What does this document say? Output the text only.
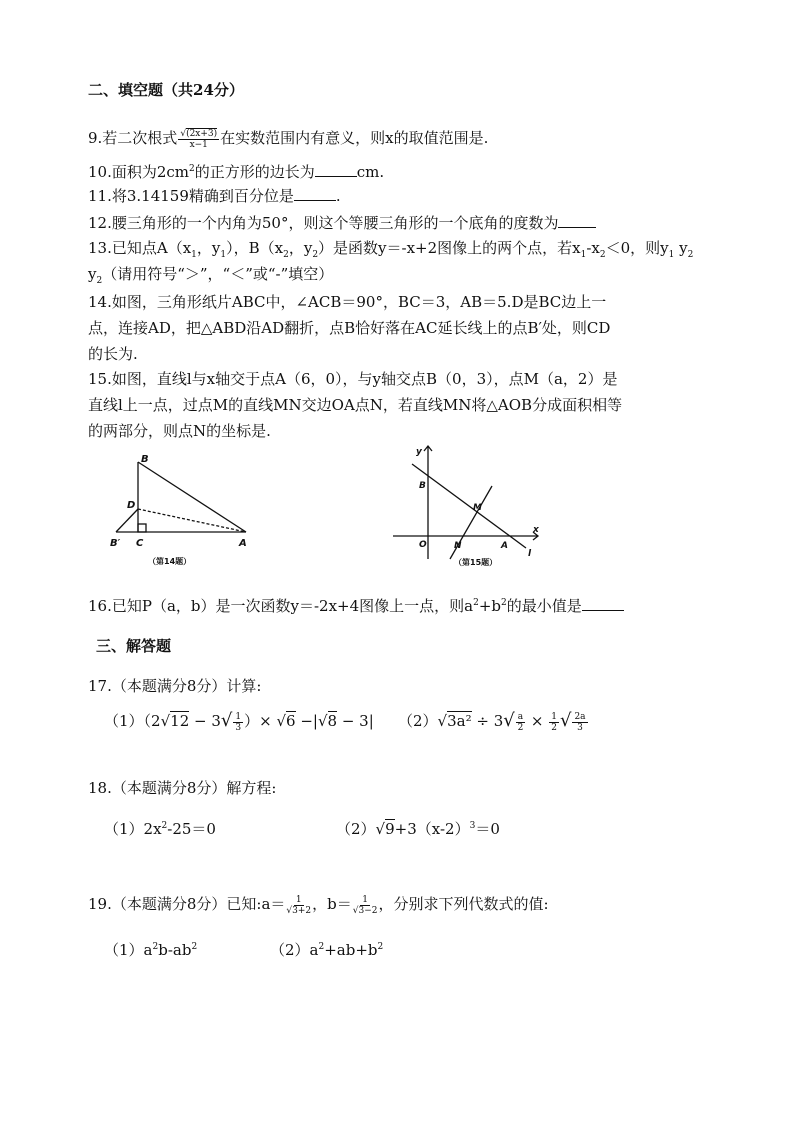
二、填空题（共24分）
9.若二次根式 $\frac{√(2x+3)}{x-1}$ 在实数范围内有意义，则x的取值范围是.
10.面积为$2cm^2$的正方形的边长为	cm.
11.将3.14159精确到百分位是	.
12.腰三角形的一个内角为50°，则这个等腰三角形的一个底角的度数为
13.已知点$A(x_1$，$y_1$），$B(x_2$，$y_2$）是函数y＝-x+2图像上的两个点，若$x_1-x_2<0$，则$y_1$ $y_2$
$y_2$（请用符号“＞”，“＜”或“-”填空）
14.如图，三角形纸片ABC中，∠ACB＝90°，BC＝3，AB＝5.D是BC边上一
点，连接AD，把△ABD沿AD翻折，点B恰好落在AC延长线上的点B′处，则CD
的长为.
15.如图，直线l与x轴交于点A（6，0），与y轴交点B（0，3），点M（a，2）是
直线l上一点，过点M的直线MN交边OA点N，若直线MN将△AOB分成面积相等
的两部分，则点N的坐标是.
B
D
B′ C	A
（第14题）
y
B
M
O	N	A
x
l
（第15题）
16.已知P（a，b）是一次函数y＝-2x+4图像上一点，则$a^2+b^2$的最小值是
三、解答题
17.（本题满分8分）计算:
$(1)(2√12 - 3√ \frac{1}{3}$ ）× √6 −|√8 − 3| $(2)√3a^2 \div 3√ \frac{a}{2} \times \frac{1}{2}$ √ $\frac{2a}{3}$
18.（本题满分8分）解方程:
$(1)2x^2-25=0$	$(2)√9+3(x-2)^3=0$
19.（本题满分8分）已知:a＝ $\frac{1}{√3+2}$ ，$b= \frac{1}{√3-2}$ ，分别求下列代数式的值:
$(1)a^2b-ab^2$	$(2)a^2+ab+b^2$
